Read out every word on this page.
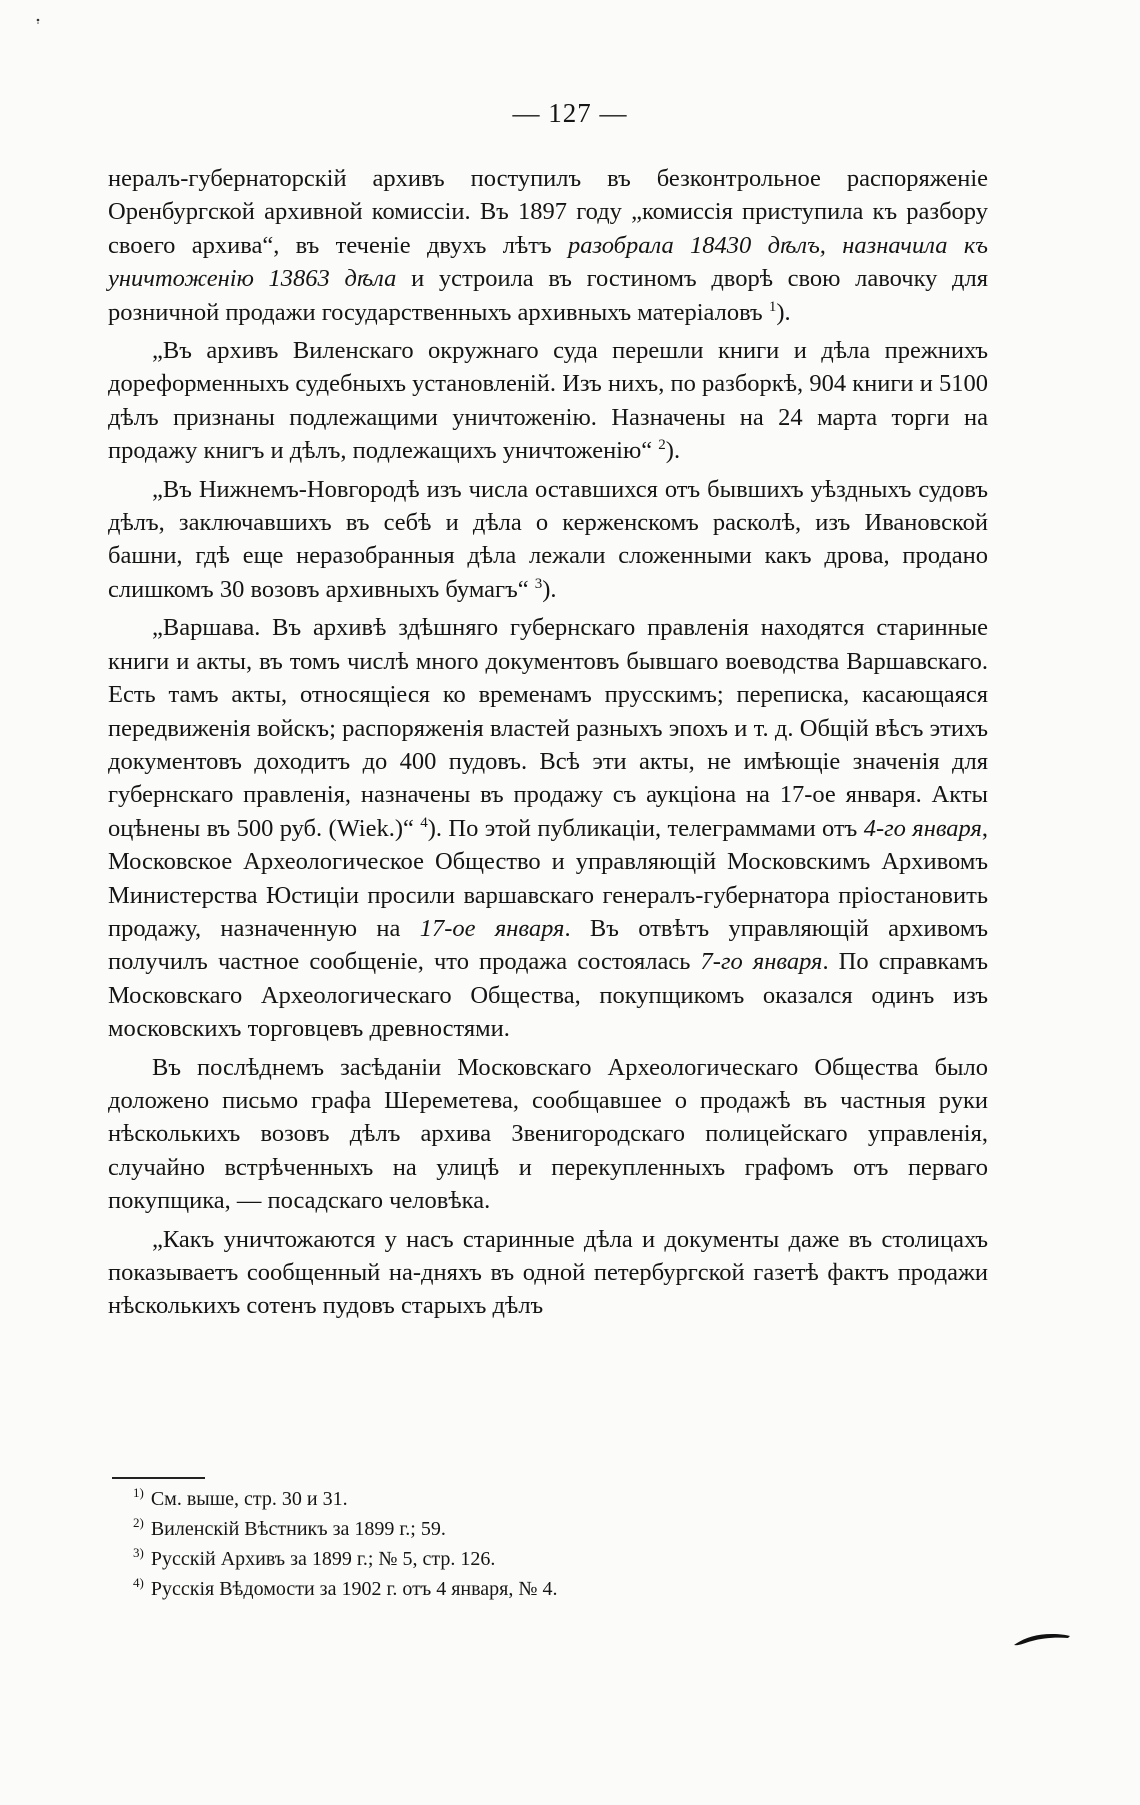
— 127 —

нералъ-губернаторскій архивъ поступилъ въ безконтрольное распоряженіе Оренбургской архивной комиссіи. Въ 1897 году „комиссія приступила къ разбору своего архива“, въ теченіе двухъ лѣтъ разобрала 18430 дѣлъ, назначила къ уничтоженію 13863 дѣла и устроила въ гостиномъ дворѣ свою лавочку для розничной продажи государственныхъ архивныхъ матеріаловъ $^1$).

„Въ архивъ Виленскаго окружнаго суда перешли книги и дѣла прежнихъ дореформенныхъ судебныхъ установленій. Изъ нихъ, по разборкѣ, 904 книги и 5100 дѣлъ признаны подлежащими уничтоженію. Назначены на 24 марта торги на продажу книгъ и дѣлъ, подлежащихъ уничтоженію“ $^2$).

„Въ Нижнемъ-Новгородѣ изъ числа оставшихся отъ бывшихъ уѣздныхъ судовъ дѣлъ, заключавшихъ въ себѣ и дѣла о керженскомъ расколѣ, изъ Ивановской башни, гдѣ еще неразобранныя дѣла лежали сложенными какъ дрова, продано слишкомъ 30 возовъ архивныхъ бумагъ“ $^3$).

„Варшава. Въ архивѣ здѣшняго губернскаго правленія находятся старинные книги и акты, въ томъ числѣ много документовъ бывшаго воеводства Варшавскаго. Есть тамъ акты, относящіеся ко временамъ прусскимъ; переписка, касающаяся передвиженія войскъ; распоряженія властей разныхъ эпохъ и т. д. Общій вѣсъ этихъ документовъ доходитъ до 400 пудовъ. Всѣ эти акты, не имѣющіе значенія для губернскаго правленія, назначены въ продажу съ аукціона на 17-ое января. Акты оцѣнены въ 500 руб. (Wiek.)“ $^4$). По этой публикаціи, телеграммами отъ 4-го января, Московское Археологическое Общество и управляющій Московскимъ Архивомъ Министерства Юстиціи просили варшавскаго генералъ-губернатора пріостановить продажу, назначенную на 17-ое января. Въ отвѣтъ управляющій архивомъ получилъ частное сообщеніе, что продажа состоялась 7-го января. По справкамъ Московскаго Археологическаго Общества, покупщикомъ оказался одинъ изъ московскихъ торговцевъ древностями.

Въ послѣднемъ засѣданіи Московскаго Археологическаго Общества было доложено письмо графа Шереметева, сообщавшее о продажѣ въ частныя руки нѣсколькихъ возовъ дѣлъ архива Звенигородскаго полицейскаго управленія, случайно встрѣченныхъ на улицѣ и перекупленныхъ графомъ отъ перваго покупщика, — посадскаго человѣка.

„Какъ уничтожаются у насъ старинные дѣла и документы даже въ столицахъ показываетъ сообщенный на-дняхъ въ одной петербургской газетѣ фактъ продажи нѣсколькихъ сотенъ пудовъ старыхъ дѣлъ

$^{1)}$ См. выше, стр. 30 и 31.
$^{2)}$ Виленскій Вѣстникъ за 1899 г.; 59.
$^{3)}$ Русскій Архивъ за 1899 г.; № 5, стр. 126.
$^{4)}$ Русскія Вѣдомости за 1902 г. отъ 4 января, № 4.
